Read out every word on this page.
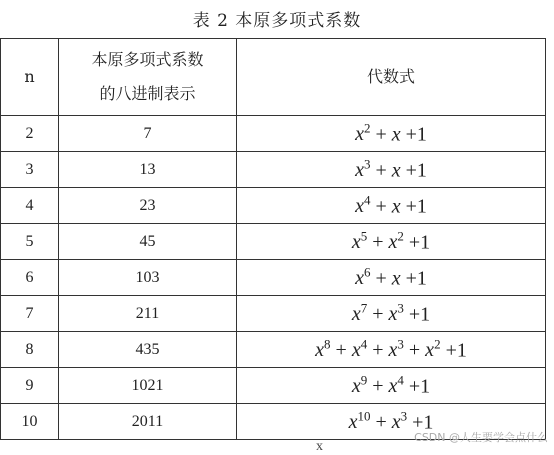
表 2 本原多项式系数
n	本原多项式系数的八进制表示	代数式
2	7	$x^2 + x +1$
3	13	$x^3 + x +1$
4	23	$x^4 + x +1$
5	45	$x^5 + x^2 +1$
6	103	$x^6 + x +1$
7	211	$x^7 + x^3 +1$
8	435	$x^8 + x^4 + x^3 + x^2 +1$
9	1021	$x^9 + x^4 +1$
10	2011	$x^{10} + x^3 +1$
CSDN @人生要学会点什么
x
